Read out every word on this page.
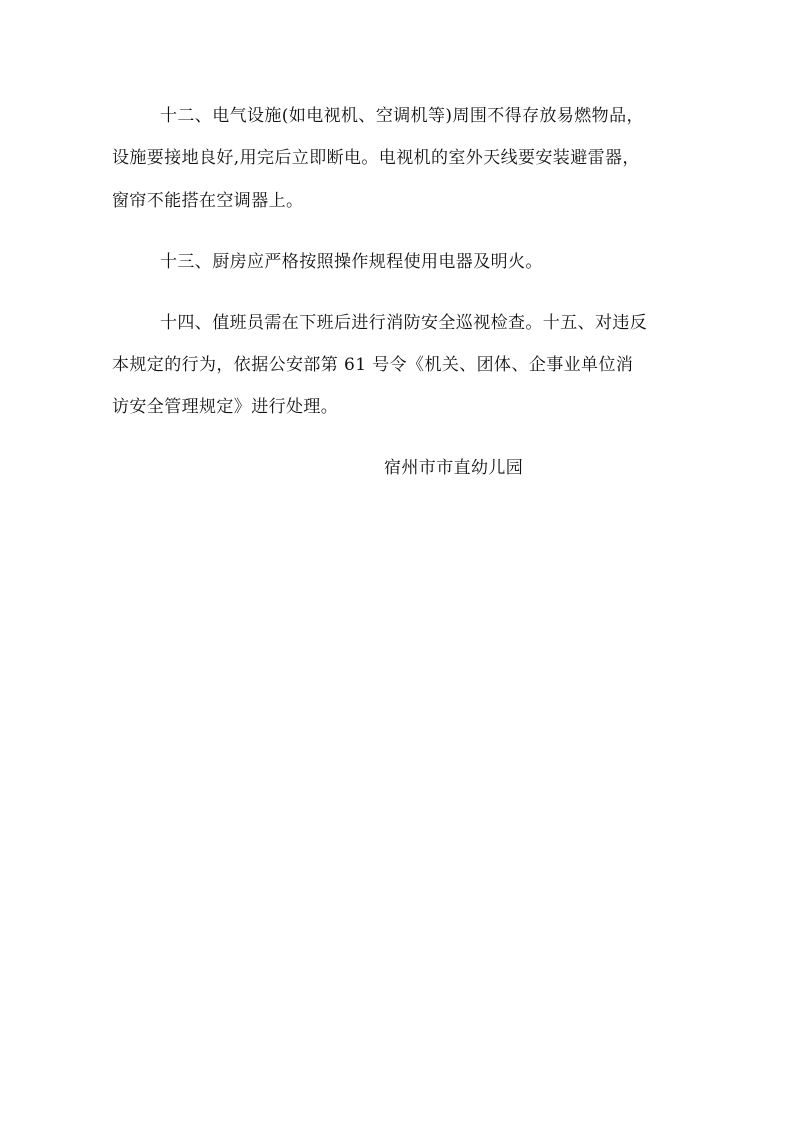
十二、电气设施(如电视机、空调机等)周围不得存放易燃物品，
设施要接地良好,用完后立即断电。电视机的室外天线要安装避雷器，
窗帘不能搭在空调器上。
十三、厨房应严格按照操作规程使用电器及明火。
十四、值班员需在下班后进行消防安全巡视检查。十五、对违反
本规定的行为，依据公安部第 61 号令《机关、团体、企事业单位消
访安全管理规定》进行处理。
宿州市市直幼儿园
